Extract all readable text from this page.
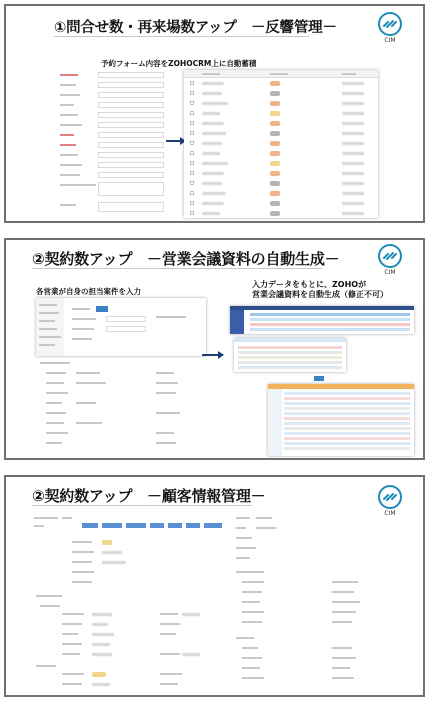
①問合せ数・再来場数アップ　－反響管理－
CIM
予約フォーム内容をZOHOCRM上に自動蓄積
②契約数アップ　－営業会議資料の自動生成－
CIM
各営業が自身の担当案件を入力
入力データをもとに、ZOHOが
営業会議資料を自動生成（修正不可）
②契約数アップ　－顧客情報管理－
CIM
